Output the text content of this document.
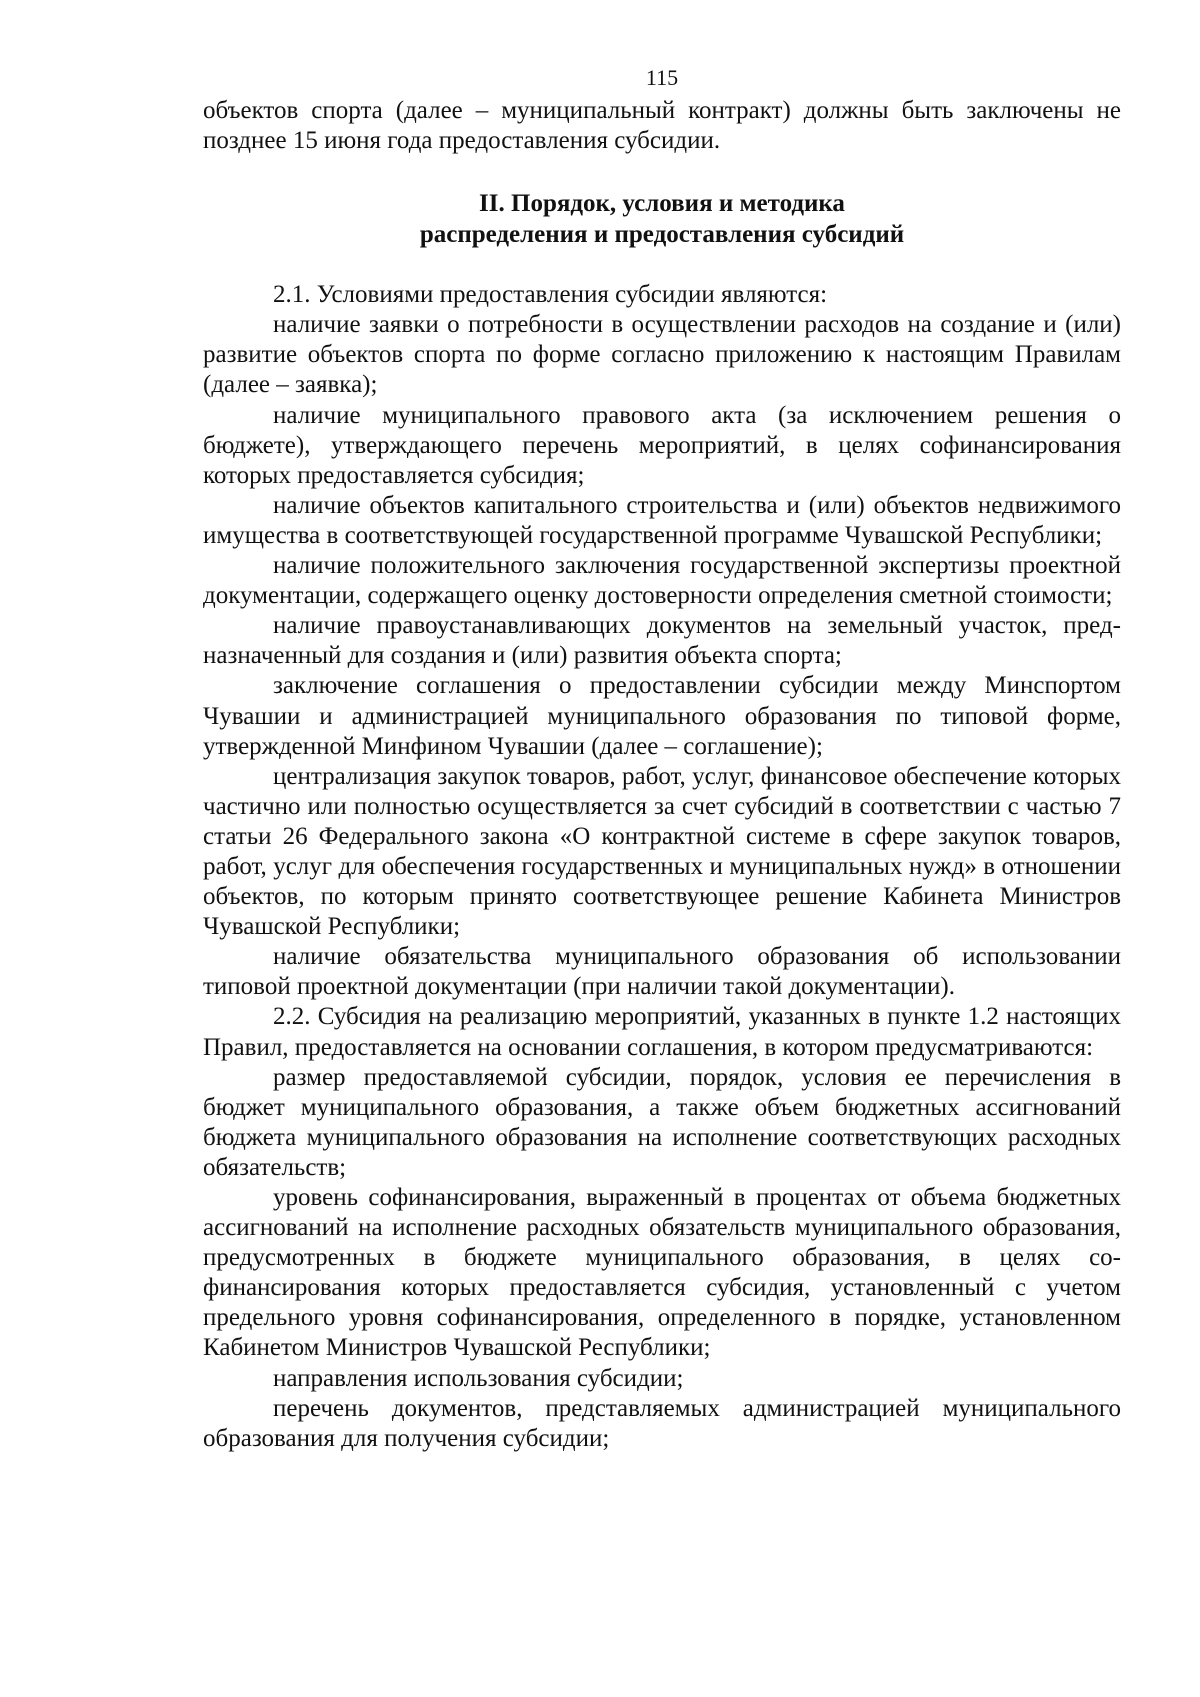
115

объектов спорта (далее – муниципальный контракт) должны быть заключены не позднее 15 июня года предоставления субсидии.

II. Порядок, условия и методика
распределения и предоставления субсидий

2.1. Условиями предоставления субсидии являются:

наличие заявки о потребности в осуществлении расходов на создание и (или) развитие объектов спорта по форме согласно приложению к настоящим Правилам (далее – заявка);

наличие муниципального правового акта (за исключением решения о бюджете), утверждающего перечень мероприятий, в целях софинансирования которых предоставляется субсидия;

наличие объектов капитального строительства и (или) объектов недвижимого имущества в соответствующей государственной программе Чувашской Республики;

наличие положительного заключения государственной экспертизы проектной документации, содержащего оценку достоверности определения сметной стоимости;

наличие правоустанавливающих документов на земельный участок, предназначенный для создания и (или) развития объекта спорта;

заключение соглашения о предоставлении субсидии между Минспортом Чувашии и администрацией муниципального образования по типовой форме, утвержденной Минфином Чувашии (далее – соглашение);

централизация закупок товаров, работ, услуг, финансовое обеспечение которых частично или полностью осуществляется за счет субсидий в соответствии с частью 7 статьи 26 Федерального закона «О контрактной системе в сфере закупок товаров, работ, услуг для обеспечения государственных и муниципальных нужд» в отношении объектов, по которым принято соответствующее решение Кабинета Министров Чувашской Республики;

наличие обязательства муниципального образования об использовании типовой проектной документации (при наличии такой документации).

2.2. Субсидия на реализацию мероприятий, указанных в пункте 1.2 настоящих Правил, предоставляется на основании соглашения, в котором предусматриваются:

размер предоставляемой субсидии, порядок, условия ее перечисления в бюджет муниципального образования, а также объем бюджетных ассигнований бюджета муниципального образования на исполнение соответствующих расходных обязательств;

уровень софинансирования, выраженный в процентах от объема бюджетных ассигнований на исполнение расходных обязательств муниципального образования, предусмотренных в бюджете муниципального образования, в целях софинансирования которых предоставляется субсидия, установленный с учетом предельного уровня софинансирования, определенного в порядке, установленном Кабинетом Министров Чувашской Республики;

направления использования субсидии;

перечень документов, представляемых администрацией муниципального образования для получения субсидии;
